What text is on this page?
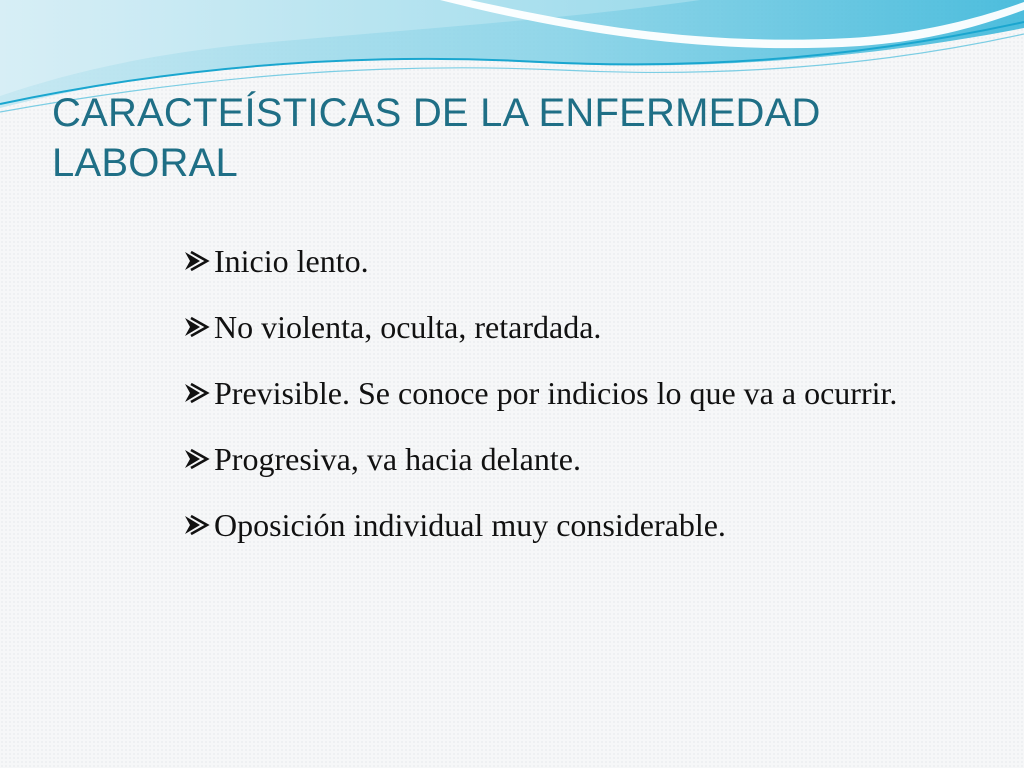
CARACTEÍSTICAS DE LA ENFERMEDAD LABORAL
Inicio lento.
No violenta, oculta, retardada.
Previsible. Se conoce por indicios lo que va a ocurrir.
Progresiva, va hacia delante.
Oposición individual muy considerable.
